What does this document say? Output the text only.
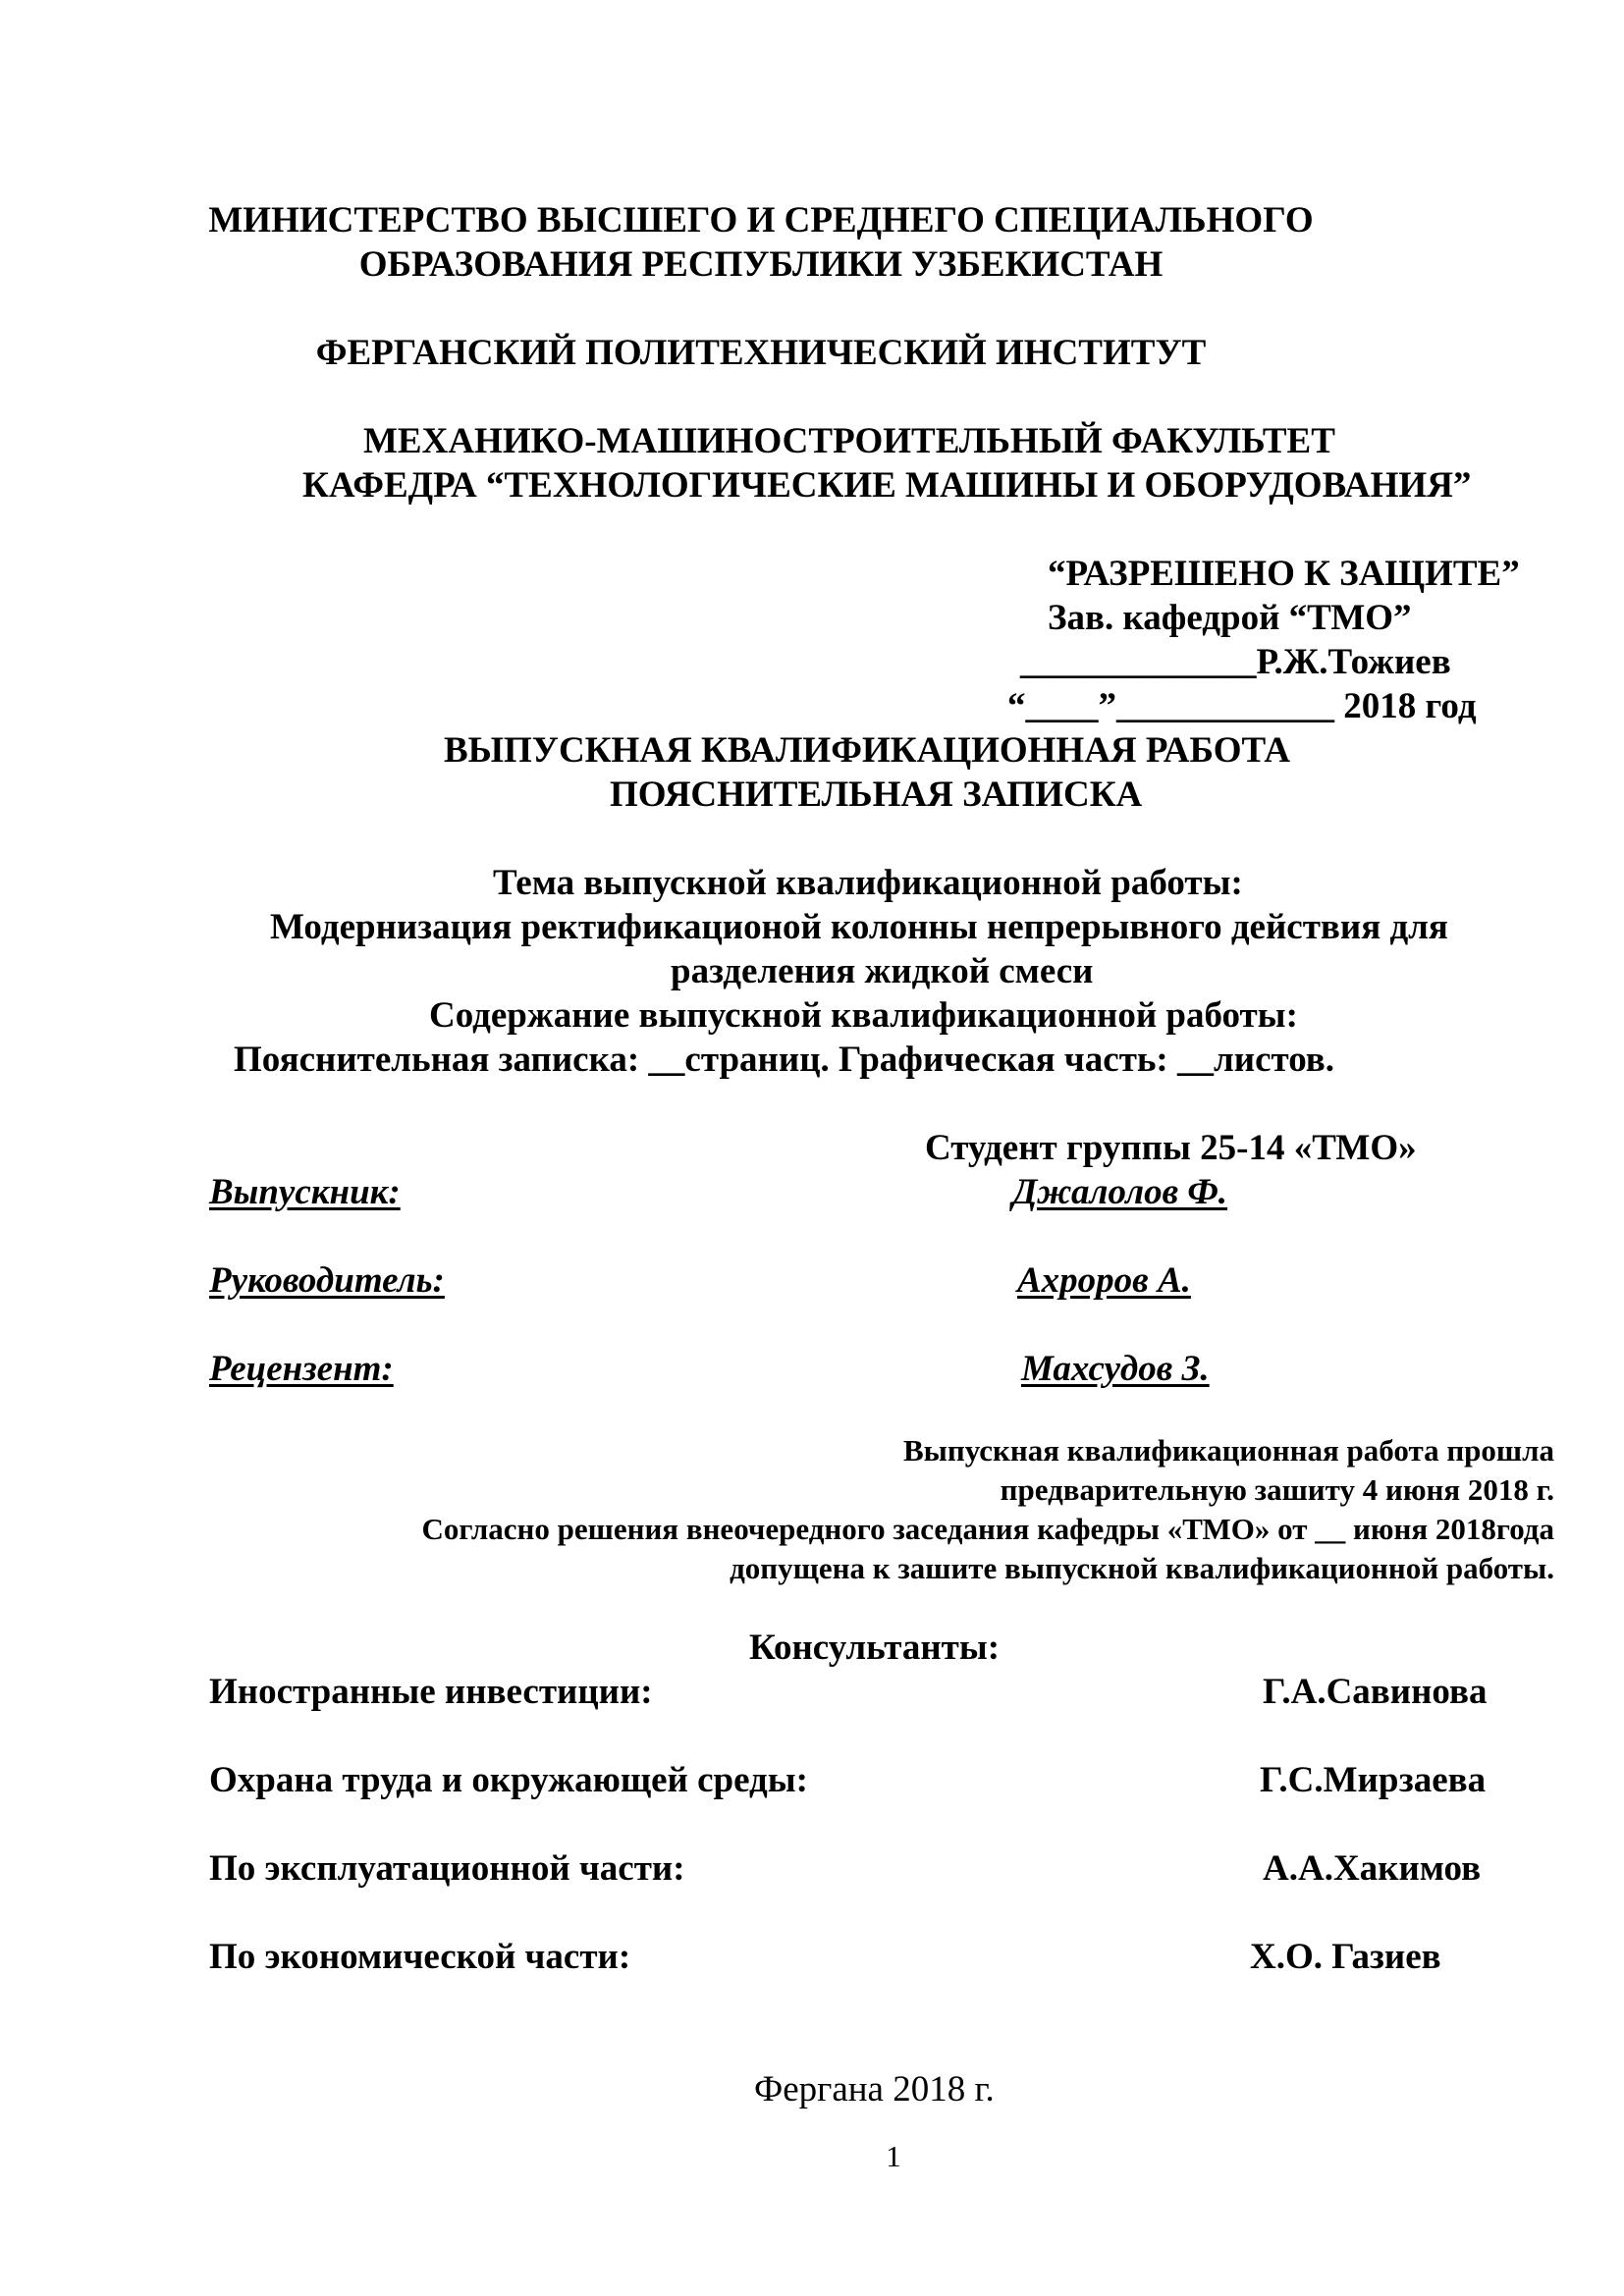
МИНИСТЕРСТВО ВЫСШЕГО И СРЕДНЕГО СПЕЦИАЛЬНОГО
ОБРАЗОВАНИЯ РЕСПУБЛИКИ УЗБЕКИСТАН
ФЕРГАНСКИЙ ПОЛИТЕХНИЧЕСКИЙ ИНСТИТУТ
МЕХАНИКО-МАШИНОСТРОИТЕЛЬНЫЙ ФАКУЛЬТЕТ
КАФЕДРА “ТЕХНОЛОГИЧЕСКИЕ МАШИНЫ И ОБОРУДОВАНИЯ”
“РАЗРЕШЕНО К ЗАЩИТЕ”
Зав. кафедрой “ТМО”
_____________Р.Ж.Тожиев
“____”____________ 2018 год
ВЫПУСКНАЯ КВАЛИФИКАЦИОННАЯ РАБОТА
ПОЯСНИТЕЛЬНАЯ ЗАПИСКА
Тема выпускной квалификационной работы:
Модернизация ректификационой колонны непрерывного действия для
разделения жидкой смеси
Содержание выпускной квалификационной работы:
Пояснительная записка: __страниц. Графическая часть: __листов.
Студент группы 25-14 «ТМО»
Выпускник:	Джалолов Ф.
Руководитель:	Ахроров А.
Рецензент:	Махсудов З.
Выпускная квалификационная работа прошла
предварительную зашиту 4 июня 2018 г.
Согласно решения внеочередного заседания кафедры «ТМО» от __ июня 2018года
допущена к зашите выпускной квалификационной работы.
Консультанты:
Иностранные инвестиции:	Г.А.Савинова
Охрана труда и окружающей среды:	Г.С.Мирзаева
По эксплуатационной части:	А.А.Хакимов
По экономической части:	Х.О. Газиев
Фергана 2018 г.
1
